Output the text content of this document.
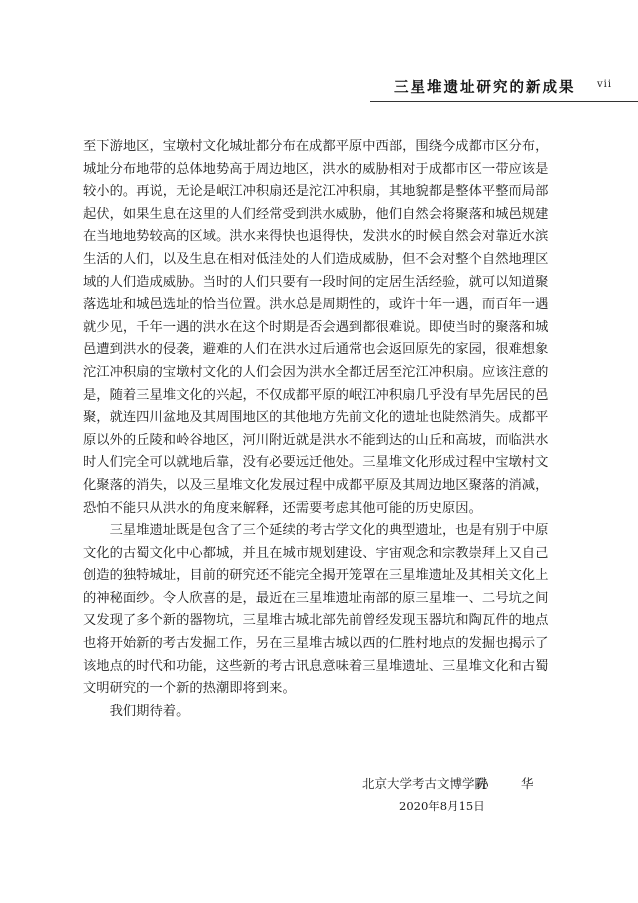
三星堆遗址研究的新成果 vii
至下游地区，宝墩村文化城址都分布在成都平原中西部，围绕今成都市区分布，
城址分布地带的总体地势高于周边地区，洪水的威胁相对于成都市区一带应该是
较小的。再说，无论是岷江冲积扇还是沱江冲积扇，其地貌都是整体平整而局部
起伏，如果生息在这里的人们经常受到洪水威胁，他们自然会将聚落和城邑规建
在当地地势较高的区域。洪水来得快也退得快，发洪水的时候自然会对靠近水滨
生活的人们，以及生息在相对低洼处的人们造成威胁，但不会对整个自然地理区
域的人们造成威胁。当时的人们只要有一段时间的定居生活经验，就可以知道聚
落选址和城邑选址的恰当位置。洪水总是周期性的，或许十年一遇，而百年一遇
就少见，千年一遇的洪水在这个时期是否会遇到都很难说。即使当时的聚落和城
邑遭到洪水的侵袭，避难的人们在洪水过后通常也会返回原先的家园，很难想象
沱江冲积扇的宝墩村文化的人们会因为洪水全都迁居至沱江冲积扇。应该注意的
是，随着三星堆文化的兴起，不仅成都平原的岷江冲积扇几乎没有早先居民的邑
聚，就连四川盆地及其周围地区的其他地方先前文化的遗址也陡然消失。成都平
原以外的丘陵和岭谷地区，河川附近就是洪水不能到达的山丘和高坡，而临洪水
时人们完全可以就地后靠，没有必要远迁他处。三星堆文化形成过程中宝墩村文
化聚落的消失，以及三星堆文化发展过程中成都平原及其周边地区聚落的消减，
恐怕不能只从洪水的角度来解释，还需要考虑其他可能的历史原因。
　　三星堆遗址既是包含了三个延续的考古学文化的典型遗址，也是有别于中原
文化的古蜀文化中心都城，并且在城市规划建设、宇宙观念和宗教崇拜上又自己
创造的独特城址，目前的研究还不能完全揭开笼罩在三星堆遗址及其相关文化上
的神秘面纱。令人欣喜的是，最近在三星堆遗址南部的原三星堆一、二号坑之间
又发现了多个新的器物坑，三星堆古城北部先前曾经发现玉器坑和陶瓦件的地点
也将开始新的考古发掘工作，另在三星堆古城以西的仁胜村地点的发掘也揭示了
该地点的时代和功能，这些新的考古讯息意味着三星堆遗址、三星堆文化和古蜀
文明研究的一个新的热潮即将到来。
　　我们期待着。
北京大学考古文博学院
孙　华
2020年8月15日
